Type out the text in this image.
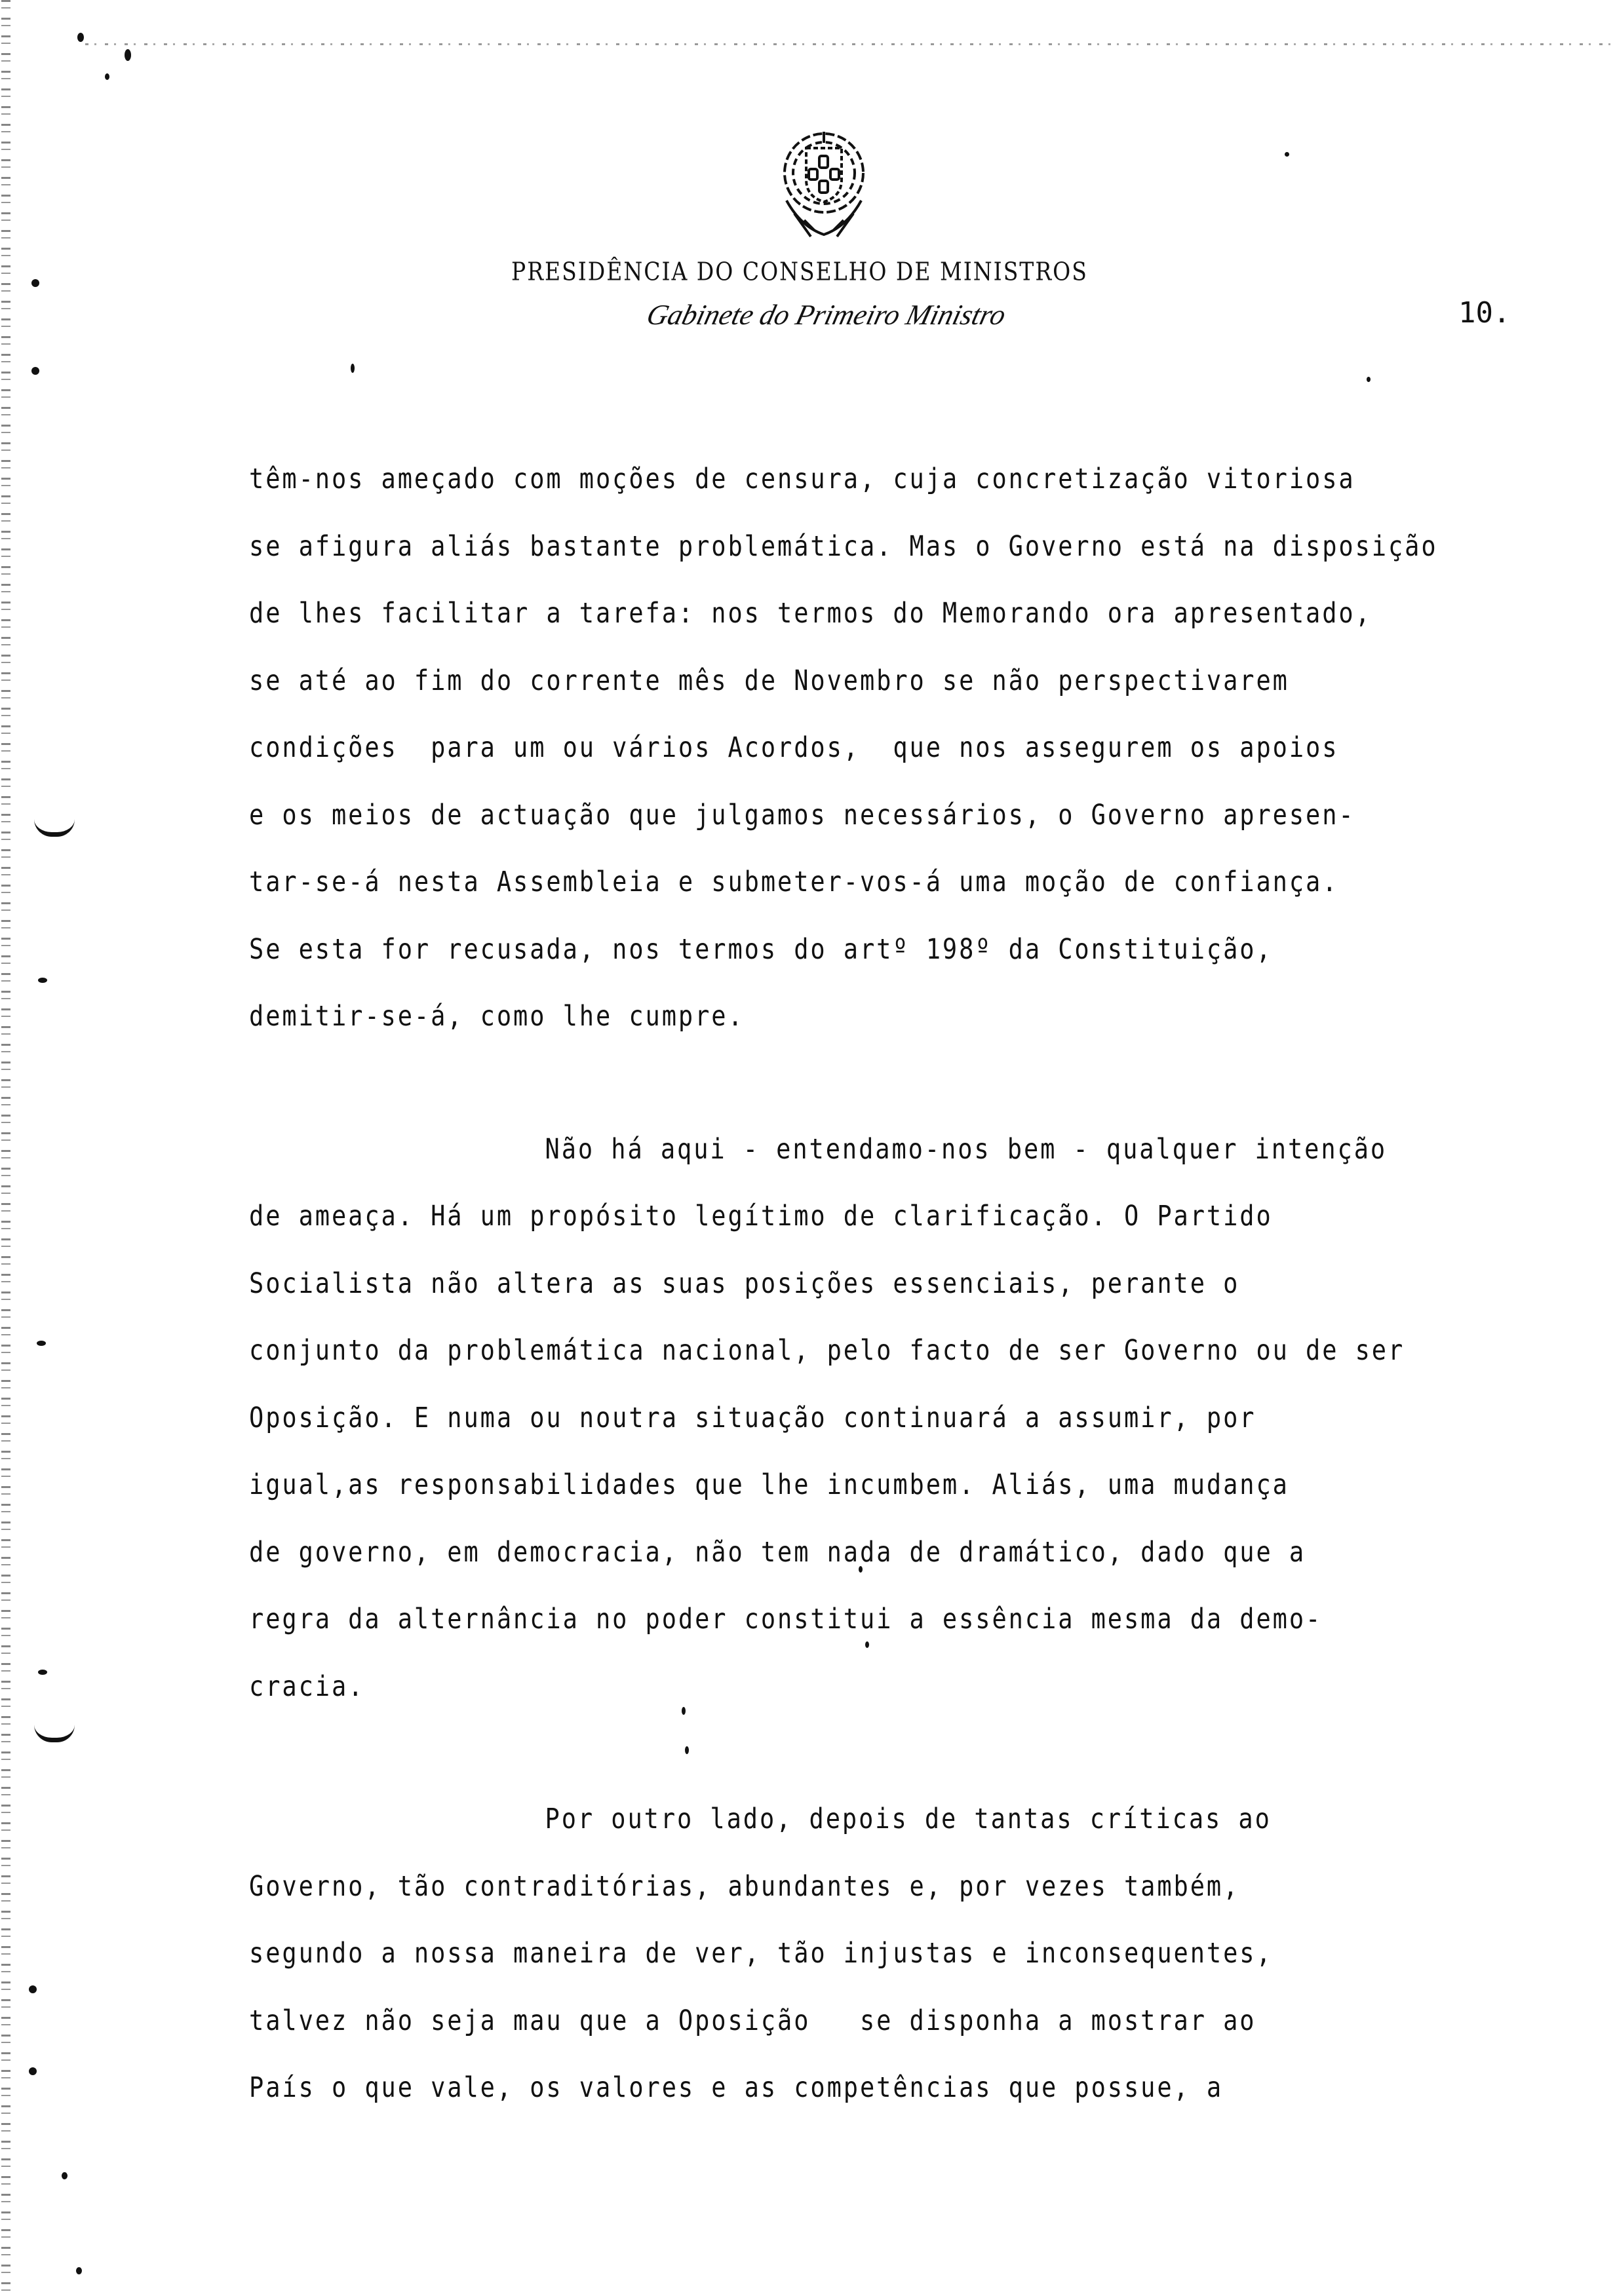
PRESIDÊNCIA DO CONSELHO DE MINISTROS
Gabinete do Primeiro Ministro	10.

têm-nos ameçado com moções de censura, cuja concretização vitoriosa

se afigura aliás bastante problemática. Mas o Governo está na disposição

de lhes facilitar a tarefa: nos termos do Memorando ora apresentado,

se até ao fim do corrente mês de Novembro se não perspectivarem

condições  para um ou vários Acordos,  que nos assegurem os apoios

e os meios de actuação que julgamos necessários, o Governo apresen-

tar-se-á nesta Assembleia e submeter-vos-á uma moção de confiança.

Se esta for recusada, nos termos do artº 198º da Constituição,

demitir-se-á, como lhe cumpre.

Não há aqui - entendamo-nos bem - qualquer intenção

de ameaça. Há um propósito legítimo de clarificação. O Partido

Socialista não altera as suas posições essenciais, perante o

conjunto da problemática nacional, pelo facto de ser Governo ou de ser

Oposição. E numa ou noutra situação continuará a assumir, por

igual,as responsabilidades que lhe incumbem. Aliás, uma mudança

de governo, em democracia, não tem nada de dramático, dado que a

regra da alternância no poder constitui a essência mesma da demo-

cracia.

Por outro lado, depois de tantas críticas ao

Governo, tão contraditórias, abundantes e, por vezes também,

segundo a nossa maneira de ver, tão injustas e inconsequentes,

talvez não seja mau que a Oposição   se disponha a mostrar ao

País o que vale, os valores e as competências que possue, a
